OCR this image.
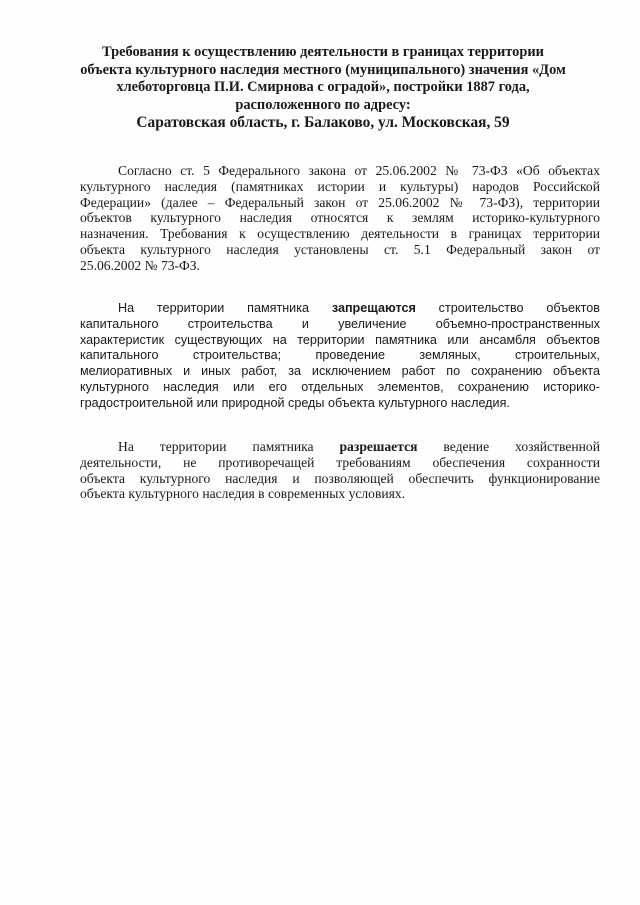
Требования к осуществлению деятельности в границах территории
объекта культурного наследия местного (муниципального) значения «Дом
хлеботорговца П.И. Смирнова с оградой», постройки 1887 года,
расположенного по адресу:
Саратовская область, г. Балаково, ул. Московская, 59
Согласно ст. 5 Федерального закона от 25.06.2002 № 73-ФЗ «Об объектах
культурного наследия (памятниках истории и культуры) народов Российской
Федерации» (далее – Федеральный закон от 25.06.2002 № 73-ФЗ), территории
объектов культурного наследия относятся к землям историко-культурного
назначения. Требования к осуществлению деятельности в границах территории
объекта культурного наследия установлены ст. 5.1 Федеральный закон от
25.06.2002 № 73-ФЗ.
На территории памятника запрещаются строительство объектов
капитального строительства и увеличение объемно-пространственных
характеристик существующих на территории памятника или ансамбля объектов
капитального строительства; проведение земляных, строительных,
мелиоративных и иных работ, за исключением работ по сохранению объекта
культурного наследия или его отдельных элементов, сохранению историко-
градостроительной или природной среды объекта культурного наследия.
На территории памятника разрешается ведение хозяйственной
деятельности, не противоречащей требованиям обеспечения сохранности
объекта культурного наследия и позволяющей обеспечить функционирование
объекта культурного наследия в современных условиях.
